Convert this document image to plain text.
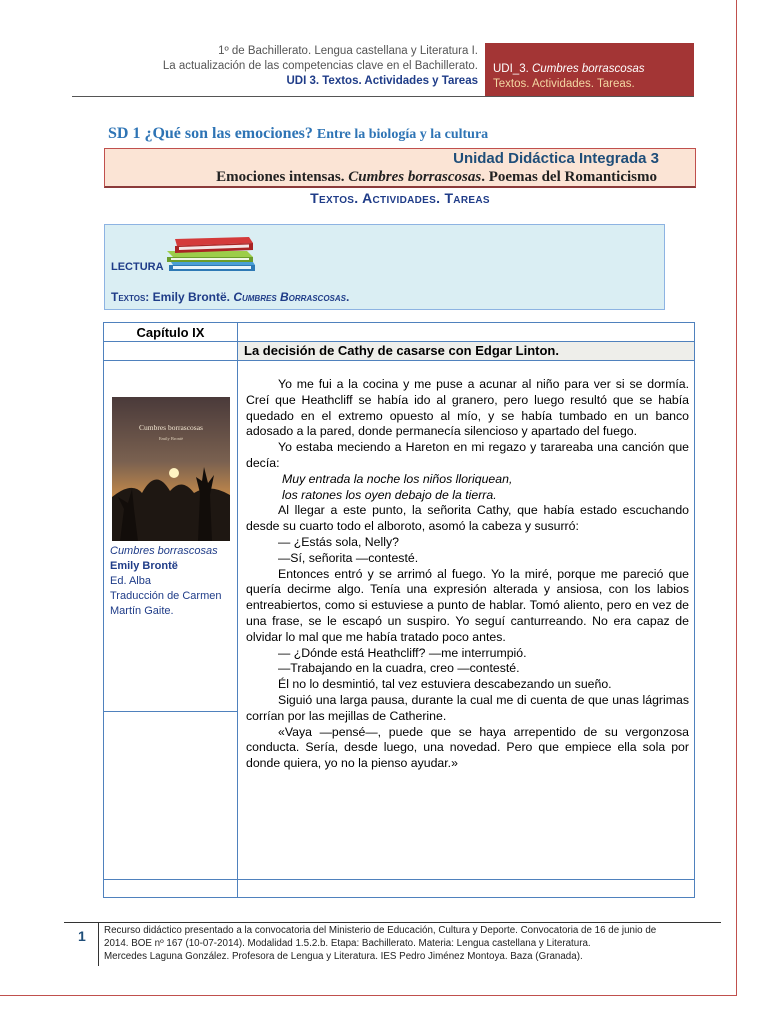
1º de Bachillerato. Lengua castellana y Literatura I.
La actualización de las competencias clave en el Bachillerato.
UDI 3. Textos. Actividades y Tareas
UDI_3. Cumbres borrascosas
Textos. Actividades. Tareas.
SD 1 ¿Qué son las emociones? Entre la biología y la cultura
Unidad Didáctica Integrada 3
Emociones intensas. Cumbres borrascosas. Poemas del Romanticismo
Textos. Actividades. Tareas
LECTURA
Textos: Emily Brontë. Cumbres Borrascosas.
Capítulo IX
La decisión de Cathy de casarse con Edgar Linton.
Cumbres borrascosas
Emily Brontë
Cumbres borrascosas
Emily Brontë
Ed. Alba
Traducción de Carmen
Martín Gaite.

Yo me fui a la cocina y me puse a acunar al niño para ver si se dormía. Creí que Heathcliff se había ido al granero, pero luego resultó que se había quedado en el extremo opuesto al mío, y se había tumbado en un banco adosado a la pared, donde permanecía silencioso y apartado del fuego.

Yo estaba meciendo a Hareton en mi regazo y tarareaba una canción que decía:

Muy entrada la noche los niños lloriquean,

los ratones los oyen debajo de la tierra.

Al llegar a este punto, la señorita Cathy, que había estado escuchando desde su cuarto todo el alboroto, asomó la cabeza y susurró:

— ¿Estás sola, Nelly?

—Sí, señorita —contesté.

Entonces entró y se arrimó al fuego. Yo la miré, porque me pareció que quería decirme algo. Tenía una expresión alterada y ansiosa, con los labios entreabiertos, como si estuviese a punto de hablar. Tomó aliento, pero en vez de una frase, se le escapó un suspiro. Yo seguí canturreando. No era capaz de olvidar lo mal que me había tratado poco antes.

— ¿Dónde está Heathcliff? —me interrumpió.

—Trabajando en la cuadra, creo —contesté.

Él no lo desmintió, tal vez estuviera descabezando un sueño.

Siguió una larga pausa, durante la cual me di cuenta de que unas lágrimas corrían por las mejillas de Catherine.

«Vaya —pensé—, puede que se haya arrepentido de su vergonzosa conducta. Sería, desde luego, una novedad. Pero que empiece ella sola por donde quiera, yo no la pienso ayudar.»

1 Recurso didáctico presentado a la convocatoria del Ministerio de Educación, Cultura y Deporte. Convocatoria de 16 de junio de
2014. BOE nº 167 (10-07-2014). Modalidad 1.5.2.b. Etapa: Bachillerato. Materia: Lengua castellana y Literatura.
Mercedes Laguna González. Profesora de Lengua y Literatura. IES Pedro Jiménez Montoya. Baza (Granada).
